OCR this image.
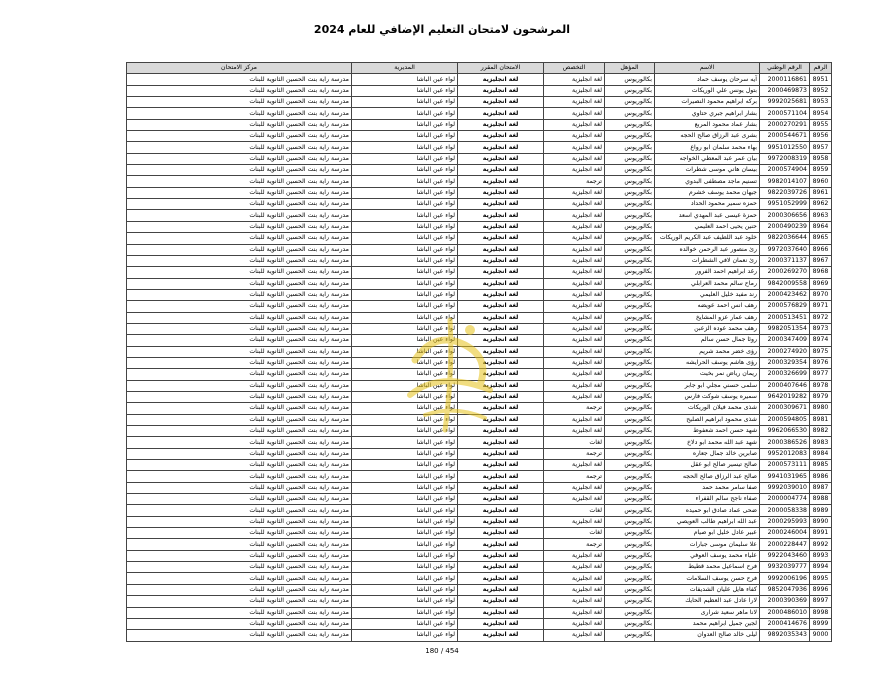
المرشحون لامتحان التعليم الإضافي للعام 2024
الرقم	الرقم الوطني	الاسم	المؤهل	التخصص	الامتحان المقرر	المديرية	مركز الامتحان
8951	2000116861	آيه سرحان يوسف حماد	بكالوريوس	لغة انجليزية	لغة انجليزية	لواء عين الباشا	مدرسة راية بنت الحسين الثانوية للبنات
8952	2000469873	بتول يونس علي الوريكات	بكالوريوس	لغة انجليزية	لغة انجليزية	لواء عين الباشا	مدرسة راية بنت الحسين الثانوية للبنات
8953	9992025681	بركه ابراهيم محمود النصيرات	بكالوريوس	لغة انجليزية	لغة انجليزية	لواء عين الباشا	مدرسة راية بنت الحسين الثانوية للبنات
8954	2000571104	بشار ابراهيم جبري حتاوي	بكالوريوس	لغة انجليزية	لغة انجليزية	لواء عين الباشا	مدرسة راية بنت الحسين الثانوية للبنات
8955	2000270291	بشار عماد محمود المربع	بكالوريوس	لغة انجليزية	لغة انجليزية	لواء عين الباشا	مدرسة راية بنت الحسين الثانوية للبنات
8956	2000544671	بشرى عبد الرزاق صالح الحجه	بكالوريوس	لغة انجليزية	لغة انجليزية	لواء عين الباشا	مدرسة راية بنت الحسين الثانوية للبنات
8957	9951012550	بهاء محمد سلمان ابو رواع	بكالوريوس	لغة انجليزية	لغة انجليزية	لواء عين الباشا	مدرسة راية بنت الحسين الثانوية للبنات
8958	9972008319	بيان عمر عبد المعطي الخواجه	بكالوريوس	لغة انجليزية	لغة انجليزية	لواء عين الباشا	مدرسة راية بنت الحسين الثانوية للبنات
8959	2000574904	بيسان هاني موسى شطرات	بكالوريوس	لغة انجليزية	لغة انجليزية	لواء عين الباشا	مدرسة راية بنت الحسين الثانوية للبنات
8960	9982014107	تسنيم ماجد مصطفى البدوي	بكالوريوس	ترجمة	لغة انجليزية	لواء عين الباشا	مدرسة راية بنت الحسين الثانوية للبنات
8961	9822039726	جيهان محمد يوسف خشرم	بكالوريوس	لغة انجليزية	لغة انجليزية	لواء عين الباشا	مدرسة راية بنت الحسين الثانوية للبنات
8962	9951052999	حمزه سمير محمود الحداد	بكالوريوس	لغة انجليزية	لغة انجليزية	لواء عين الباشا	مدرسة راية بنت الحسين الثانوية للبنات
8963	2000306656	حمزة عيسى عبد المهدي اسعد	بكالوريوس	لغة انجليزية	لغة انجليزية	لواء عين الباشا	مدرسة راية بنت الحسين الثانوية للبنات
8964	2000490239	حنين يحيى احمد العليمي	بكالوريوس	لغة انجليزية	لغة انجليزية	لواء عين الباشا	مدرسة راية بنت الحسين الثانوية للبنات
8965	9822036644	خلود عبد اللطيف عبد الكريم الوريكات	بكالوريوس	لغة انجليزية	لغة انجليزية	لواء عين الباشا	مدرسة راية بنت الحسين الثانوية للبنات
8966	9972037640	رئ منصور عبد الرحمن خوالده	بكالوريوس	لغة انجليزية	لغة انجليزية	لواء عين الباشا	مدرسة راية بنت الحسين الثانوية للبنات
8967	2000371137	رئ نعمان لافي الشطرات	بكالوريوس	لغة انجليزية	لغة انجليزية	لواء عين الباشا	مدرسة راية بنت الحسين الثانوية للبنات
8968	2000269270	رغد ابراهيم احمد الفرور	بكالوريوس	لغة انجليزية	لغة انجليزية	لواء عين الباشا	مدرسة راية بنت الحسين الثانوية للبنات
8969	9842009558	رماح سالم محمد العرابلي	بكالوريوس	لغة انجليزية	لغة انجليزية	لواء عين الباشا	مدرسة راية بنت الحسين الثانوية للبنات
8970	2000423462	رند مفيد خليل العليمي	بكالوريوس	لغة انجليزية	لغة انجليزية	لواء عين الباشا	مدرسة راية بنت الحسين الثانوية للبنات
8971	2000576829	رهف انس احمد عويضه	بكالوريوس	لغة انجليزية	لغة انجليزية	لواء عين الباشا	مدرسة راية بنت الحسين الثانوية للبنات
8972	2000513451	رهف عمار عزو المشايخ	بكالوريوس	لغة انجليزية	لغة انجليزية	لواء عين الباشا	مدرسة راية بنت الحسين الثانوية للبنات
8973	9982051354	رهف محمد عوده الزعبن	بكالوريوس	لغة انجليزية	لغة انجليزية	لواء عين الباشا	مدرسة راية بنت الحسين الثانوية للبنات
8974	2000347409	روئا جمال حسن سالم	بكالوريوس	لغة انجليزية	لغة انجليزية	لواء عين الباشا	مدرسة راية بنت الحسين الثانوية للبنات
8975	2000274920	رؤى خضر محمد شريم	بكالوريوس	لغة انجليزية	لغة انجليزية	لواء عين الباشا	مدرسة راية بنت الحسين الثانوية للبنات
8976	2000329354	رؤى هاشم يوسف الحرايشه	بكالوريوس	لغة انجليزية	لغة انجليزية	لواء عين الباشا	مدرسة راية بنت الحسين الثانوية للبنات
8977	2000326699	ريمان رياض نمر بخيت	بكالوريوس	لغة انجليزية	لغة انجليزية	لواء عين الباشا	مدرسة راية بنت الحسين الثانوية للبنات
8978	2000407646	سلمى حسني مجلي ابو جابر	بكالوريوس	لغة انجليزية	لغة انجليزية	لواء عين الباشا	مدرسة راية بنت الحسين الثانوية للبنات
8979	9642019282	سميره يوسف شوكت فارس	بكالوريوس	لغة انجليزية	لغة انجليزية	لواء عين الباشا	مدرسة راية بنت الحسين الثانوية للبنات
8980	2000309671	شذى محمد فيلان الوريكات	بكالوريوس	ترجمة	لغة انجليزية	لواء عين الباشا	مدرسة راية بنت الحسين الثانوية للبنات
8981	2000594805	شذى محمود ابراهيم الصليح	بكالوريوس	لغة انجليزية	لغة انجليزية	لواء عين الباشا	مدرسة راية بنت الحسين الثانوية للبنات
8982	9962066530	شهد حسن احمد شعفوط	بكالوريوس	لغة انجليزية	لغة انجليزية	لواء عين الباشا	مدرسة راية بنت الحسين الثانوية للبنات
8983	2000386526	شهد عبد الله محمد ابو دلاخ	بكالوريوس	لغات	لغة انجليزية	لواء عين الباشا	مدرسة راية بنت الحسين الثانوية للبنات
8984	9952012083	صابرين خالد جمال جعاره	بكالوريوس	ترجمة	لغة انجليزية	لواء عين الباشا	مدرسة راية بنت الحسين الثانوية للبنات
8985	2000573111	صالح تيسير صالح ابو عقل	بكالوريوس	لغة انجليزية	لغة انجليزية	لواء عين الباشا	مدرسة راية بنت الحسين الثانوية للبنات
8986	9941031965	صالح عبد الرزاق صالح الحجه	بكالوريوس	ترجمة	لغة انجليزية	لواء عين الباشا	مدرسة راية بنت الحسين الثانوية للبنات
8987	9992039010	صفا سامر محمد حمد	بكالوريوس	لغة انجليزية	لغة انجليزية	لواء عين الباشا	مدرسة راية بنت الحسين الثانوية للبنات
8988	2000004774	صفاء ناجح سالم القفراء	بكالوريوس	لغة انجليزية	لغة انجليزية	لواء عين الباشا	مدرسة راية بنت الحسين الثانوية للبنات
8989	2000058338	ضحى عماد صادق ابو حميده	بكالوريوس	لغات	لغة انجليزية	لواء عين الباشا	مدرسة راية بنت الحسين الثانوية للبنات
8990	2000295993	عبد الله ابراهيم طالب العويصي	بكالوريوس	لغة انجليزية	لغة انجليزية	لواء عين الباشا	مدرسة راية بنت الحسين الثانوية للبنات
8991	2000246004	عبير عادل خليل ابو صيام	بكالوريوس	لغات	لغة انجليزية	لواء عين الباشا	مدرسة راية بنت الحسين الثانوية للبنات
8992	2000228447	علا سليمان موسى جبارات	بكالوريوس	ترجمة	لغة انجليزية	لواء عين الباشا	مدرسة راية بنت الحسين الثانوية للبنات
8993	9922043460	علياء محمد يوسف العوفي	بكالوريوس	لغة انجليزية	لغة انجليزية	لواء عين الباشا	مدرسة راية بنت الحسين الثانوية للبنات
8994	9932039777	فرح اسماعيل محمد قطيط	بكالوريوس	لغة انجليزية	لغة انجليزية	لواء عين الباشا	مدرسة راية بنت الحسين الثانوية للبنات
8995	9992006196	فرح حسن يوسف السلامات	بكالوريوس	لغة انجليزية	لغة انجليزية	لواء عين الباشا	مدرسة راية بنت الحسين الثانوية للبنات
8996	9852047936	كفاء هايل عليان الشديفات	بكالوريوس	لغة انجليزية	لغة انجليزية	لواء عين الباشا	مدرسة راية بنت الحسين الثانوية للبنات
8997	2000390369	لارا عادل عبد العظيم الحايك	بكالوريوس	لغة انجليزية	لغة انجليزية	لواء عين الباشا	مدرسة راية بنت الحسين الثانوية للبنات
8998	2000486010	لانا ماهر سعيد شرارى	بكالوريوس	لغة انجليزية	لغة انجليزية	لواء عين الباشا	مدرسة راية بنت الحسين الثانوية للبنات
8999	2000414676	لجين جميل ابراهيم محمد	بكالوريوس	لغة انجليزية	لغة انجليزية	لواء عين الباشا	مدرسة راية بنت الحسين الثانوية للبنات
9000	9892035343	ليلى خالد صالح العدوان	بكالوريوس	لغة انجليزية	لغة انجليزية	لواء عين الباشا	مدرسة راية بنت الحسين الثانوية للبنات
180 / 454
